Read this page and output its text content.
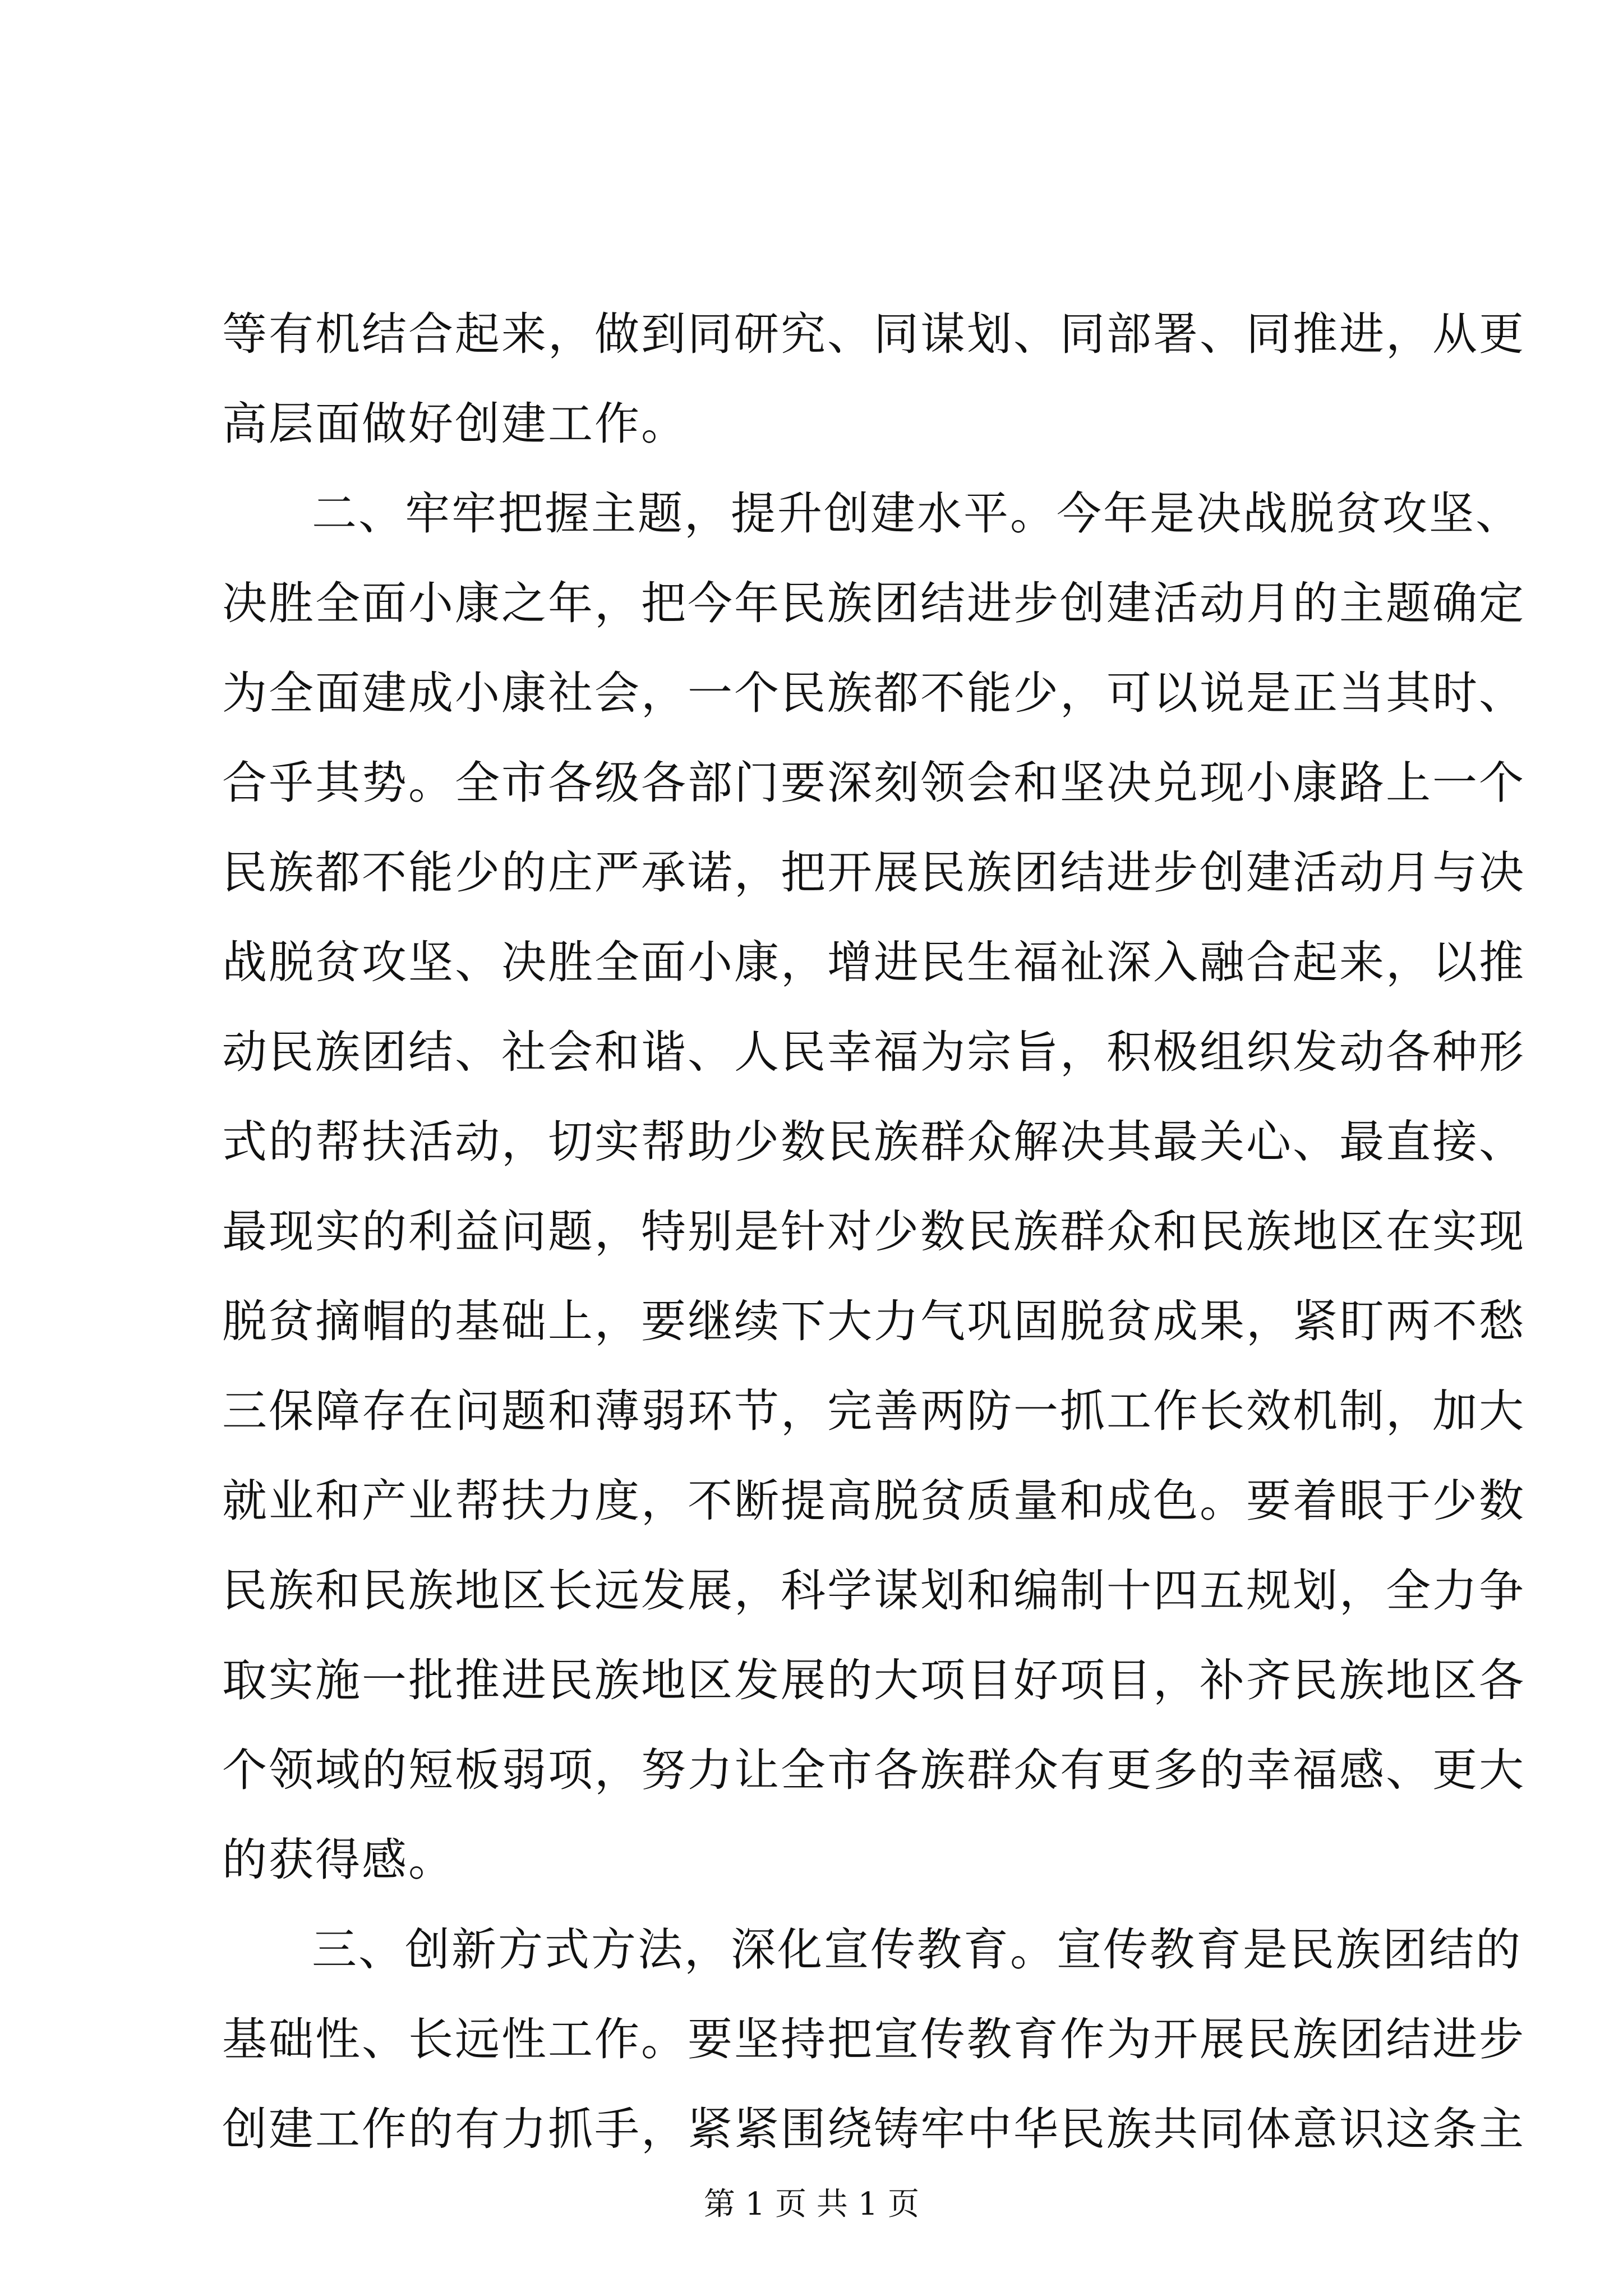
等有机结合起来，做到同研究、同谋划、同部署、同推进，从更
高层面做好创建工作。
二、牢牢把握主题，提升创建水平。今年是决战脱贫攻坚、
决胜全面小康之年，把今年民族团结进步创建活动月的主题确定
为全面建成小康社会，一个民族都不能少，可以说是正当其时、
合乎其势。全市各级各部门要深刻领会和坚决兑现小康路上一个
民族都不能少的庄严承诺，把开展民族团结进步创建活动月与决
战脱贫攻坚、决胜全面小康，增进民生福祉深入融合起来，以推
动民族团结、社会和谐、人民幸福为宗旨，积极组织发动各种形
式的帮扶活动，切实帮助少数民族群众解决其最关心、最直接、
最现实的利益问题，特别是针对少数民族群众和民族地区在实现
脱贫摘帽的基础上，要继续下大力气巩固脱贫成果，紧盯两不愁
三保障存在问题和薄弱环节，完善两防一抓工作长效机制，加大
就业和产业帮扶力度，不断提高脱贫质量和成色。要着眼于少数
民族和民族地区长远发展，科学谋划和编制十四五规划，全力争
取实施一批推进民族地区发展的大项目好项目，补齐民族地区各
个领域的短板弱项，努力让全市各族群众有更多的幸福感、更大
的获得感。
三、创新方式方法，深化宣传教育。宣传教育是民族团结的
基础性、长远性工作。要坚持把宣传教育作为开展民族团结进步
创建工作的有力抓手，紧紧围绕铸牢中华民族共同体意识这条主
第 1 页 共 1 页
